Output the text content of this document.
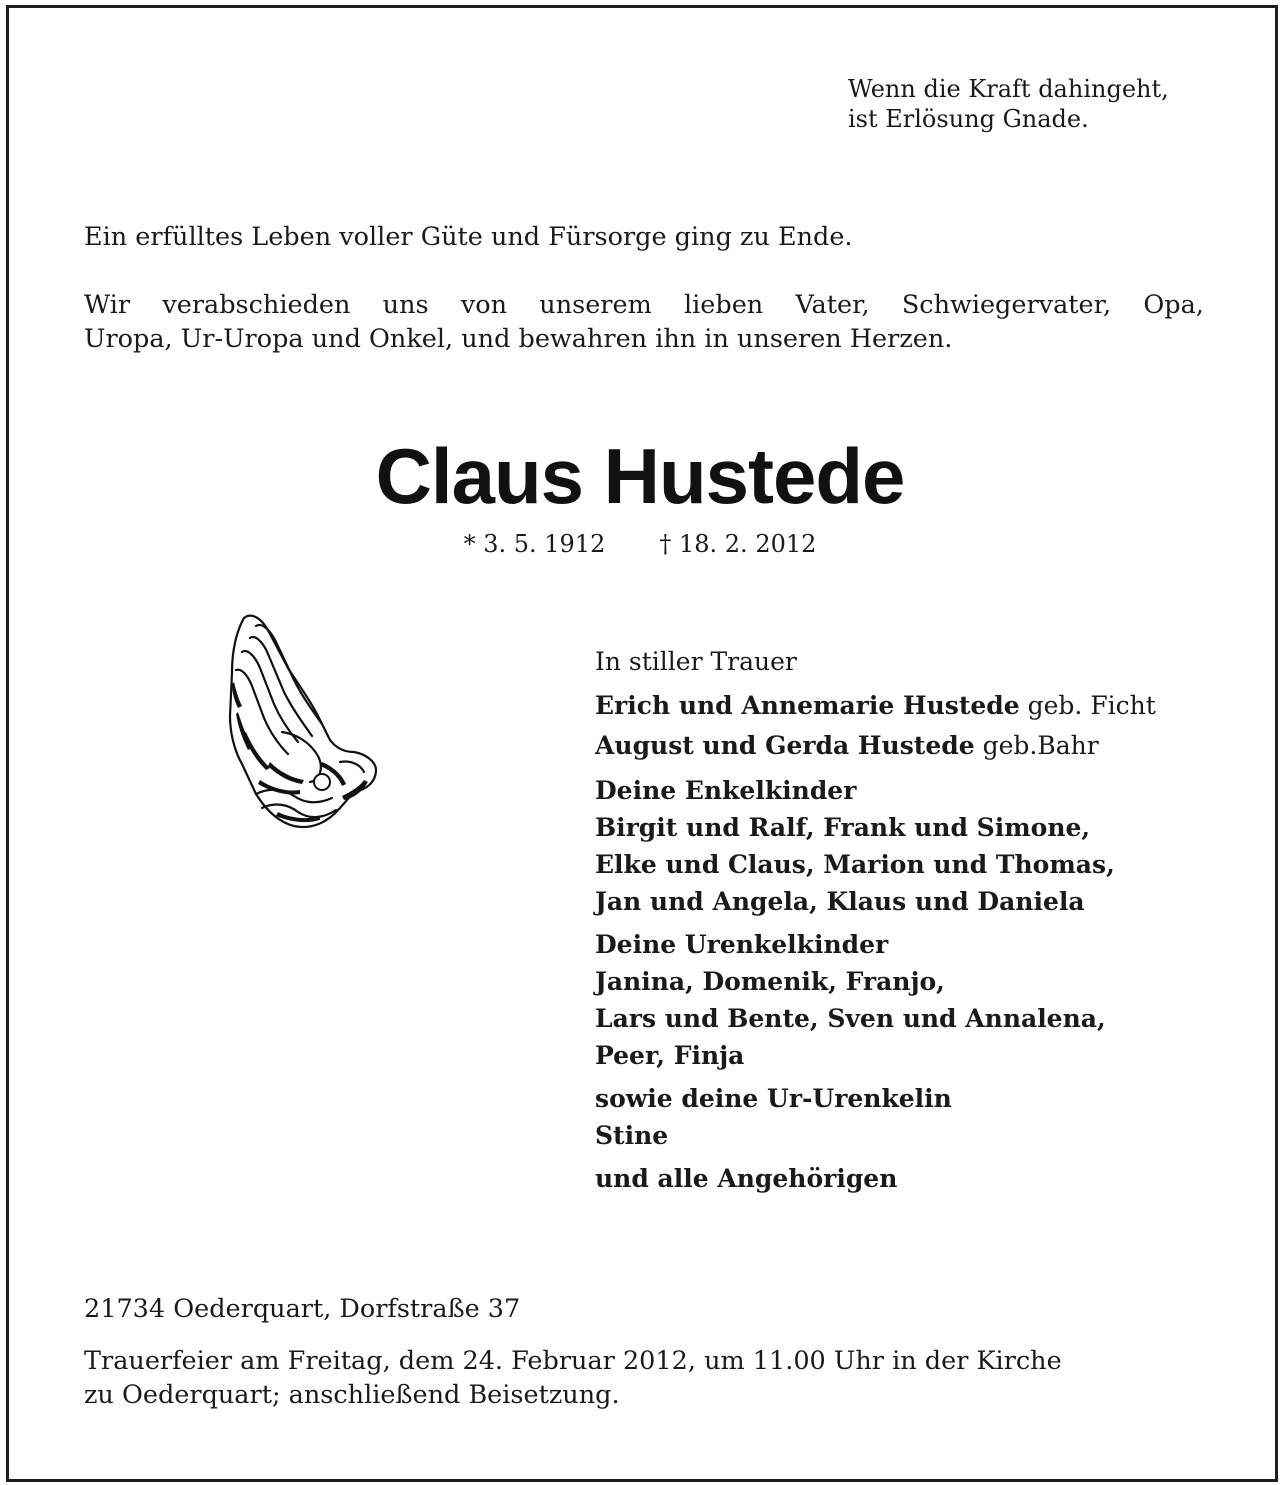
Wenn die Kraft dahingeht,
ist Erlösung Gnade.
Ein erfülltes Leben voller Güte und Fürsorge ging zu Ende.
Wir verabschieden uns von unserem lieben Vater, Schwiegervater, Opa,
Uropa, Ur-Uropa und Onkel, und bewahren ihn in unseren Herzen.
Claus Hustede
* 3. 5. 1912 † 18. 2. 2012
In stiller Trauer
Erich und Annemarie Hustede geb. Ficht
August und Gerda Hustede geb.Bahr
Deine Enkelkinder
Birgit und Ralf, Frank und Simone,
Elke und Claus, Marion und Thomas,
Jan und Angela, Klaus und Daniela
Deine Urenkelkinder
Janina, Domenik, Franjo,
Lars und Bente, Sven und Annalena,
Peer, Finja
sowie deine Ur-Urenkelin
Stine
und alle Angehörigen
21734 Oederquart, Dorfstraße 37
Trauerfeier am Freitag, dem 24. Februar 2012, um 11.00 Uhr in der Kirche
zu Oederquart; anschließend Beisetzung.
